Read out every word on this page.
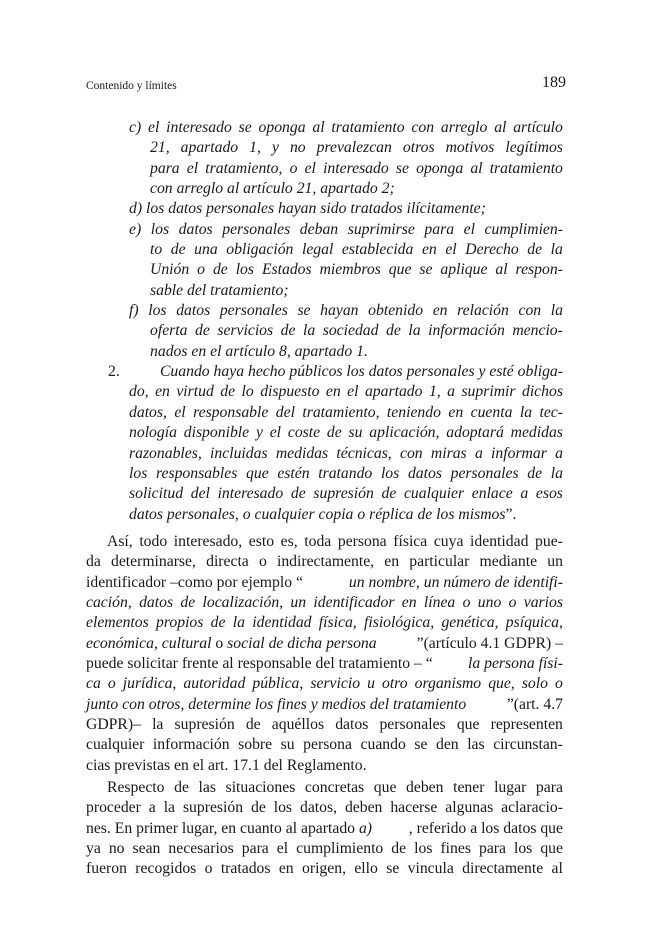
Contenido y límites	189
c) el interesado se oponga al tratamiento con arreglo al artículo
21, apartado 1, y no prevalezcan otros motivos legítimos
para el tratamiento, o el interesado se oponga al tratamiento
con arreglo al artículo 21, apartado 2;
d) los datos personales hayan sido tratados ilícitamente;
e) los datos personales deban suprimirse para el cumplimien-
to de una obligación legal establecida en el Derecho de la
Unión o de los Estados miembros que se aplique al respon-
sable del tratamiento;
f) los datos personales se hayan obtenido en relación con la
oferta de servicios de la sociedad de la información mencio-
nados en el artículo 8, apartado 1.
2.	Cuando haya hecho públicos los datos personales y esté obliga-
do, en virtud de lo dispuesto en el apartado 1, a suprimir dichos
datos, el responsable del tratamiento, teniendo en cuenta la tec-
nología disponible y el coste de su aplicación, adoptará medidas
razonables, incluidas medidas técnicas, con miras a informar a
los responsables que estén tratando los datos personales de la
solicitud del interesado de supresión de cualquier enlace a esos
datos personales, o cualquier copia o réplica de los mismos ”.
Así, todo interesado, esto es, toda persona física cuya identidad pue-
da determinarse, directa o indirectamente, en particular mediante un
identificador –como por ejemplo “	un nombre, un número de identifi-
cación, datos de localización, un identificador en línea o uno o varios
elementos propios de la identidad física, fisiológica, genética, psíquica,
económica, cultural o social de dicha persona	”(artículo 4.1 GDPR) –
puede solicitar frente al responsable del tratamiento – “ la persona físi-
ca o jurídica, autoridad pública, servicio u otro organismo que, solo o
junto con otros, determine los fines y medios del tratamiento	”(art. 4.7
GDPR)– la supresión de aquéllos datos personales que representen
cualquier información sobre su persona cuando se den las circunstan-
cias previstas en el art. 17.1 del Reglamento.
Respecto de las situaciones concretas que deben tener lugar para
proceder a la supresión de los datos, deben hacerse algunas aclaracio-
nes. En primer lugar, en cuanto al apartado a) , referido a los datos que
ya no sean necesarios para el cumplimiento de los fines para los que
fueron recogidos o tratados en origen, ello se vincula directamente al
